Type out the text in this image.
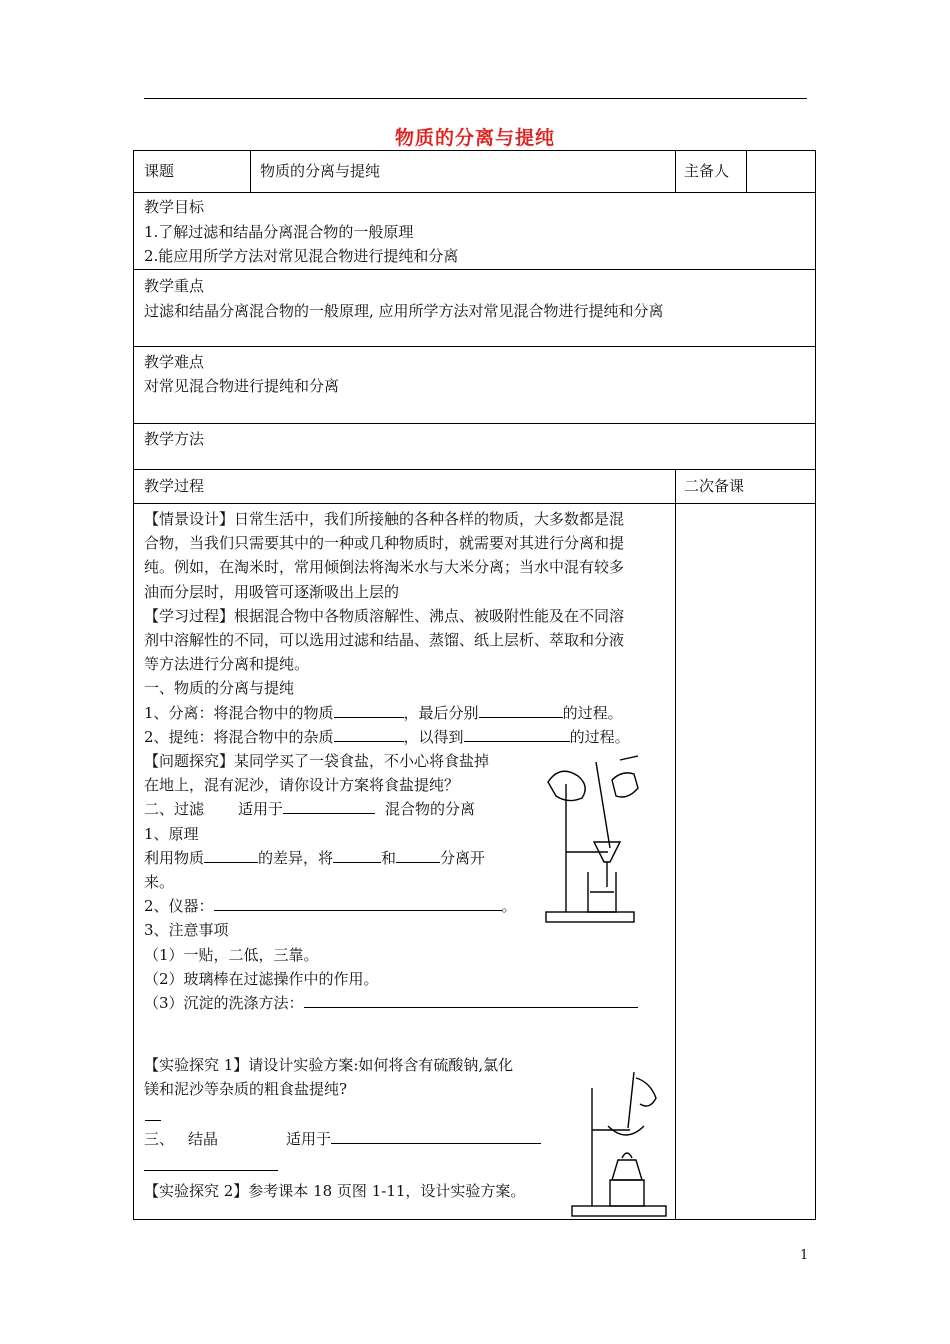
物质的分离与提纯
课题	物质的分离与提纯	主备人
教学目标
1.了解过滤和结晶分离混合物的一般原理
2.能应用所学方法对常见混合物进行提纯和分离
教学重点
过滤和结晶分离混合物的一般原理, 应用所学方法对常见混合物进行提纯和分离
教学难点
对常见混合物进行提纯和分离
教学方法
教学过程	二次备课

【情景设计】日常生活中，我们所接触的各种各样的物质，大多数都是混

合物，当我们只需要其中的一种或几种物质时，就需要对其进行分离和提

纯。例如，在淘米时，常用倾倒法将淘米水与大米分离；当水中混有较多

油而分层时，用吸管可逐渐吸出上层的

【学习过程】根据混合物中各物质溶解性、沸点、被吸附性能及在不同溶

剂中溶解性的不同，可以选用过滤和结晶、蒸馏、纸上层析、萃取和分液

等方法进行分离和提纯。

一、物质的分离与提纯

1、分离：将混合物中的物质	，最后分别	的过程。

2、提纯：将混合物中的杂质	，以得到	的过程。

【问题探究】某同学买了一袋食盐，不小心将食盐掉

在地上，混有泥沙，请你设计方案将食盐提纯？

二、过滤 适用于	混合物的分离

1、原理

利用物质	的差异，将	和	分离开

来。

2、仪器：	。

3、注意事项

（1）一贴，二低，三靠。

（2）玻璃棒在过滤操作中的作用。

（3）沉淀的洗涤方法：

【实验探究 1】请设计实验方案:如何将含有硫酸钠,氯化

镁和泥沙等杂质的粗食盐提纯?

三、 结晶	适用于
【实验探究 2】参考课本 18 页图 1-11，设计实验方案。
1
